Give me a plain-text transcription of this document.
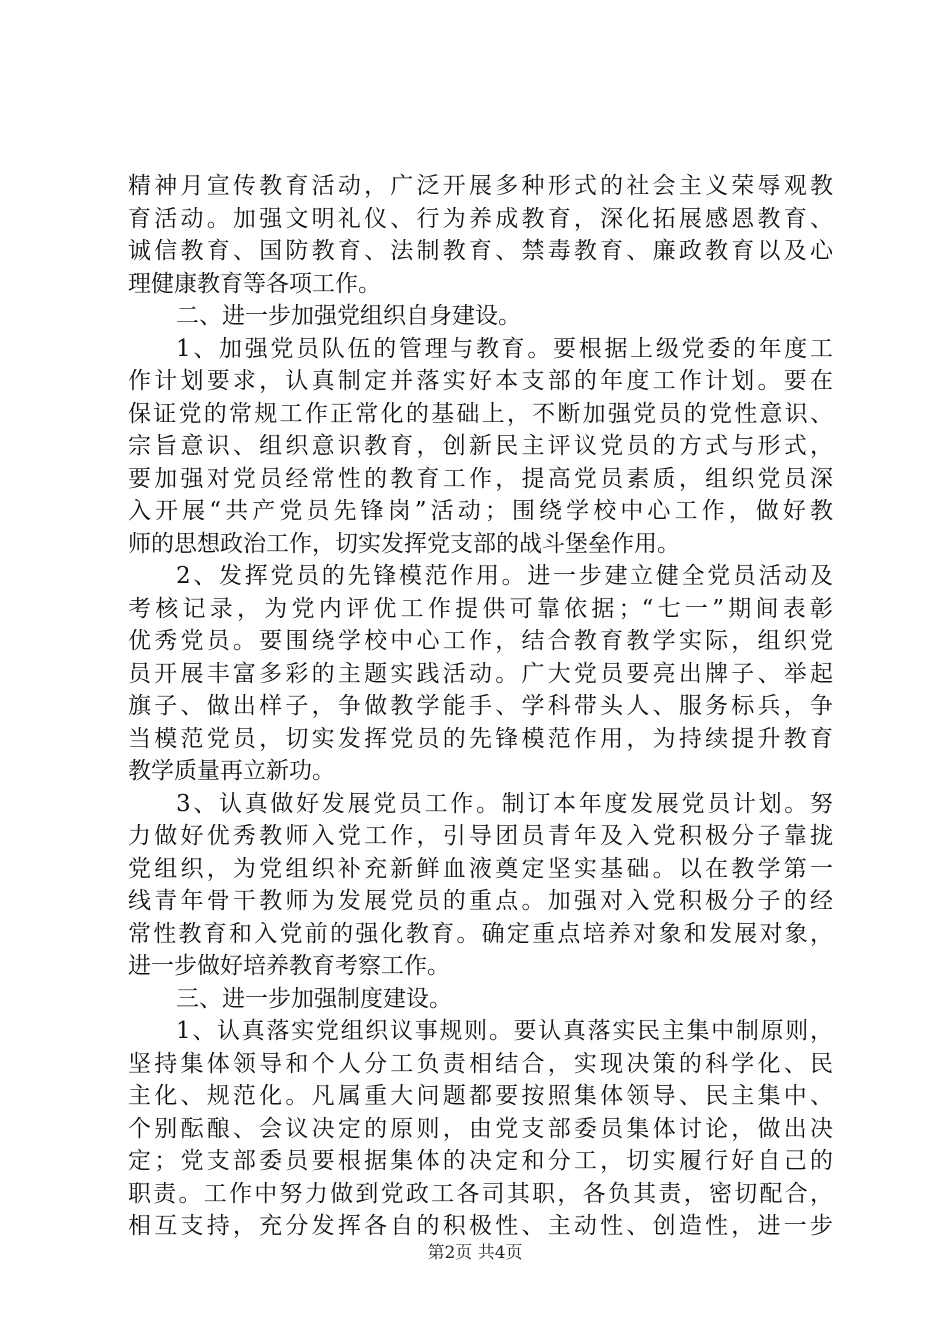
精神月宣传教育活动，广泛开展多种形式的社会主义荣辱观教
育活动。加强文明礼仪、行为养成教育，深化拓展感恩教育、
诚信教育、国防教育、法制教育、禁毒教育、廉政教育以及心
理健康教育等各项工作。
二、进一步加强党组织自身建设。
1、加强党员队伍的管理与教育。要根据上级党委的年度工
作计划要求，认真制定并落实好本支部的年度工作计划。要在
保证党的常规工作正常化的基础上，不断加强党员的党性意识、
宗旨意识、组织意识教育，创新民主评议党员的方式与形式，
要加强对党员经常性的教育工作，提高党员素质，组织党员深
入开展“共产党员先锋岗”活动；围绕学校中心工作，做好教
师的思想政治工作，切实发挥党支部的战斗堡垒作用。
2、发挥党员的先锋模范作用。进一步建立健全党员活动及
考核记录，为党内评优工作提供可靠依据；“七一”期间表彰
优秀党员。要围绕学校中心工作，结合教育教学实际，组织党
员开展丰富多彩的主题实践活动。广大党员要亮出牌子、举起
旗子、做出样子，争做教学能手、学科带头人、服务标兵，争
当模范党员，切实发挥党员的先锋模范作用，为持续提升教育
教学质量再立新功。
3、认真做好发展党员工作。制订本年度发展党员计划。努
力做好优秀教师入党工作，引导团员青年及入党积极分子靠拢
党组织，为党组织补充新鲜血液奠定坚实基础。以在教学第一
线青年骨干教师为发展党员的重点。加强对入党积极分子的经
常性教育和入党前的强化教育。确定重点培养对象和发展对象，
进一步做好培养教育考察工作。
三、进一步加强制度建设。
1、认真落实党组织议事规则。要认真落实民主集中制原则，
坚持集体领导和个人分工负责相结合，实现决策的科学化、民
主化、规范化。凡属重大问题都要按照集体领导、民主集中、
个别酝酿、会议决定的原则，由党支部委员集体讨论，做出决
定；党支部委员要根据集体的决定和分工，切实履行好自己的
职责。工作中努力做到党政工各司其职，各负其责，密切配合，
相互支持，充分发挥各自的积极性、主动性、创造性，进一步
第2页 共4页
